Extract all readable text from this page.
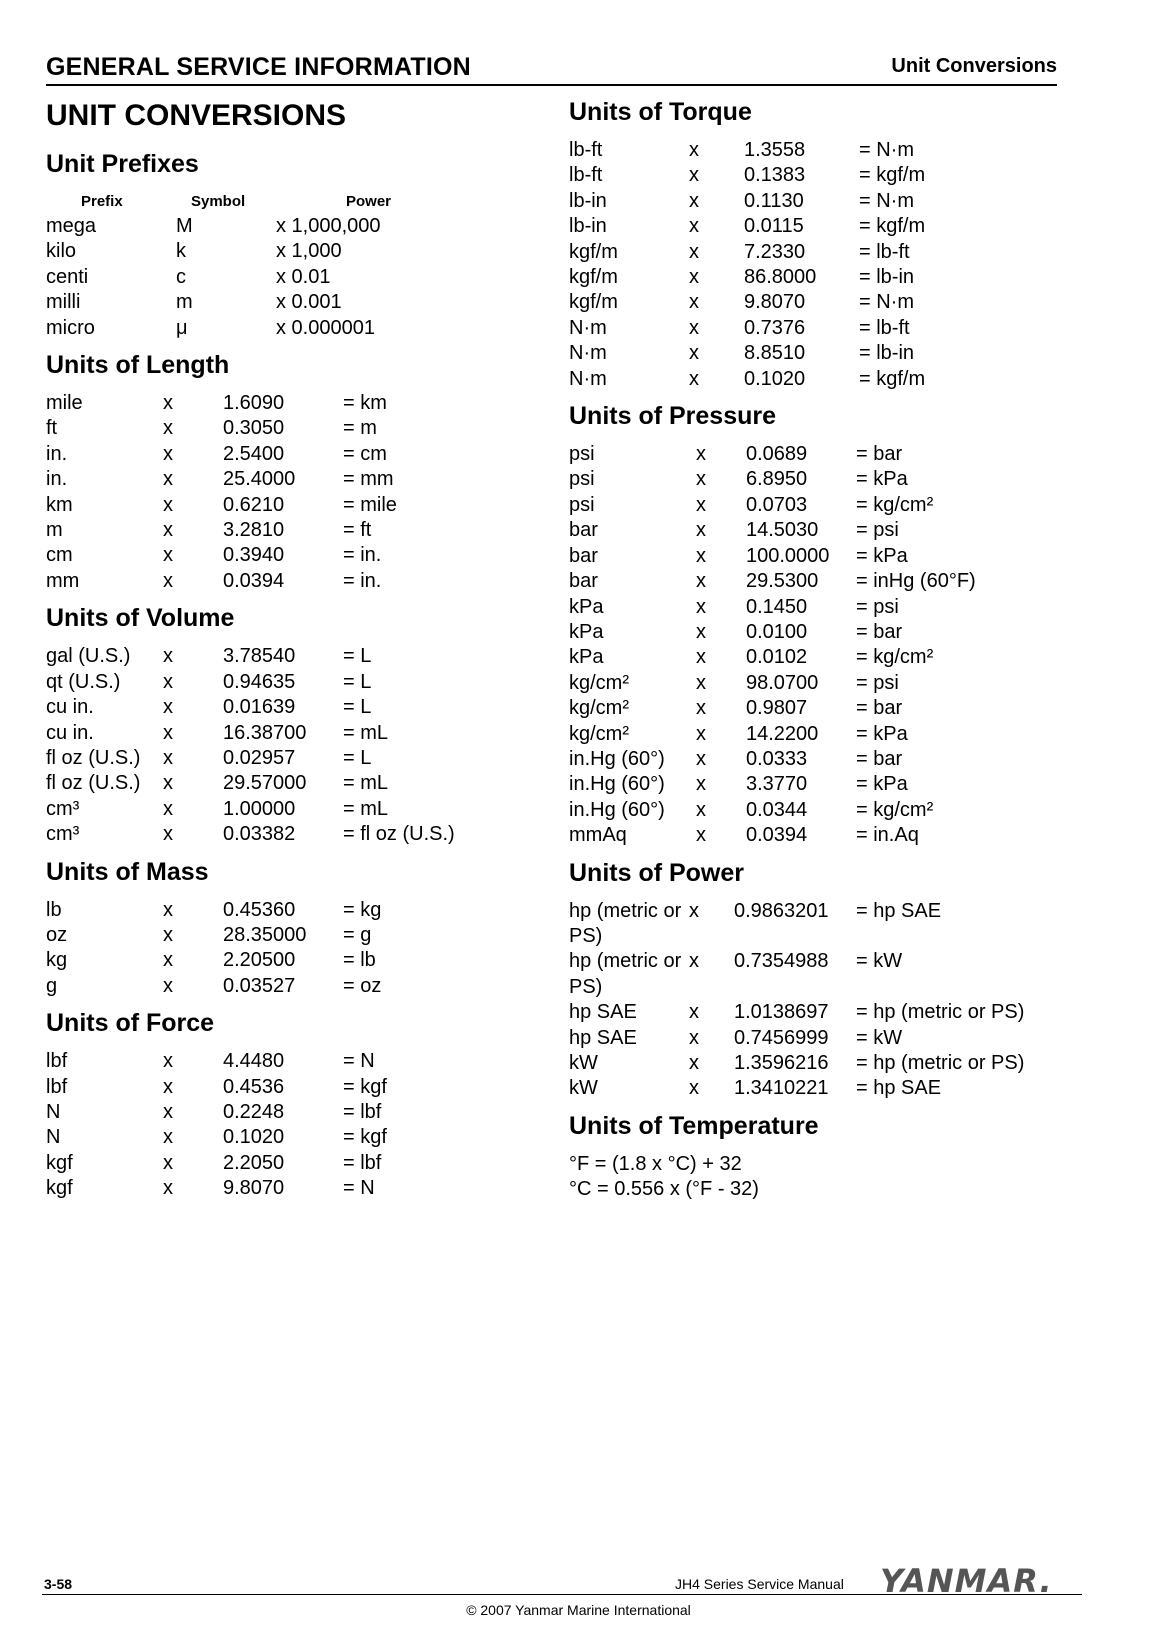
GENERAL SERVICE INFORMATION	Unit Conversions
UNIT CONVERSIONS
Unit Prefixes
Prefix	Symbol	Power
mega	M	x 1,000,000
kilo	k	x 1,000
centi	c	x 0.01
milli	m	x 0.001
micro	μ	x 0.000001
Units of Length
mile	x	1.6090	= km
ft	x	0.3050	= m
in.	x	2.5400	= cm
in.	x	25.4000	= mm
km	x	0.6210	= mile
m	x	3.2810	= ft
cm	x	0.3940	= in.
mm	x	0.0394	= in.
Units of Volume
gal (U.S.)	x	3.78540	= L
qt (U.S.)	x	0.94635	= L
cu in.	x	0.01639	= L
cu in.	x	16.38700	= mL
fl oz (U.S.)	x	0.02957	= L
fl oz (U.S.)	x	29.57000	= mL
cm³	x	1.00000	= mL
cm³	x	0.03382	= fl oz (U.S.)
Units of Mass
lb	x	0.45360	= kg
oz	x	28.35000	= g
kg	x	2.20500	= lb
g	x	0.03527	= oz
Units of Force
lbf	x	4.4480	= N
lbf	x	0.4536	= kgf
N	x	0.2248	= lbf
N	x	0.1020	= kgf
kgf	x	2.2050	= lbf
kgf	x	9.8070	= N
Units of Torque
lb-ft	x	1.3558	= N·m
lb-ft	x	0.1383	= kgf/m
lb-in	x	0.1130	= N·m
lb-in	x	0.0115	= kgf/m
kgf/m	x	7.2330	= lb-ft
kgf/m	x	86.8000	= lb-in
kgf/m	x	9.8070	= N·m
N·m	x	0.7376	= lb-ft
N·m	x	8.8510	= lb-in
N·m	x	0.1020	= kgf/m
Units of Pressure
psi	x	0.0689	= bar
psi	x	6.8950	= kPa
psi	x	0.0703	= kg/cm²
bar	x	14.5030	= psi
bar	x	100.0000	= kPa
bar	x	29.5300	= inHg (60°F)
kPa	x	0.1450	= psi
kPa	x	0.0100	= bar
kPa	x	0.0102	= kg/cm²
kg/cm²	x	98.0700	= psi
kg/cm²	x	0.9807	= bar
kg/cm²	x	14.2200	= kPa
in.Hg (60°)	x	0.0333	= bar
in.Hg (60°)	x	3.3770	= kPa
in.Hg (60°)	x	0.0344	= kg/cm²
mmAq	x	0.0394	= in.Aq
Units of Power
hp (metric or PS)	x	0.9863201	= hp SAE
hp (metric or PS)	x	0.7354988	= kW
hp SAE	x	1.0138697	= hp (metric or PS)
hp SAE	x	0.7456999	= kW
kW	x	1.3596216	= hp (metric or PS)
kW	x	1.3410221	= hp SAE
Units of Temperature
°F = (1.8 x °C) + 32
°C = 0.556 x (°F - 32)
3-58	JH4 Series Service Manual YANMAR.
© 2007 Yanmar Marine International
